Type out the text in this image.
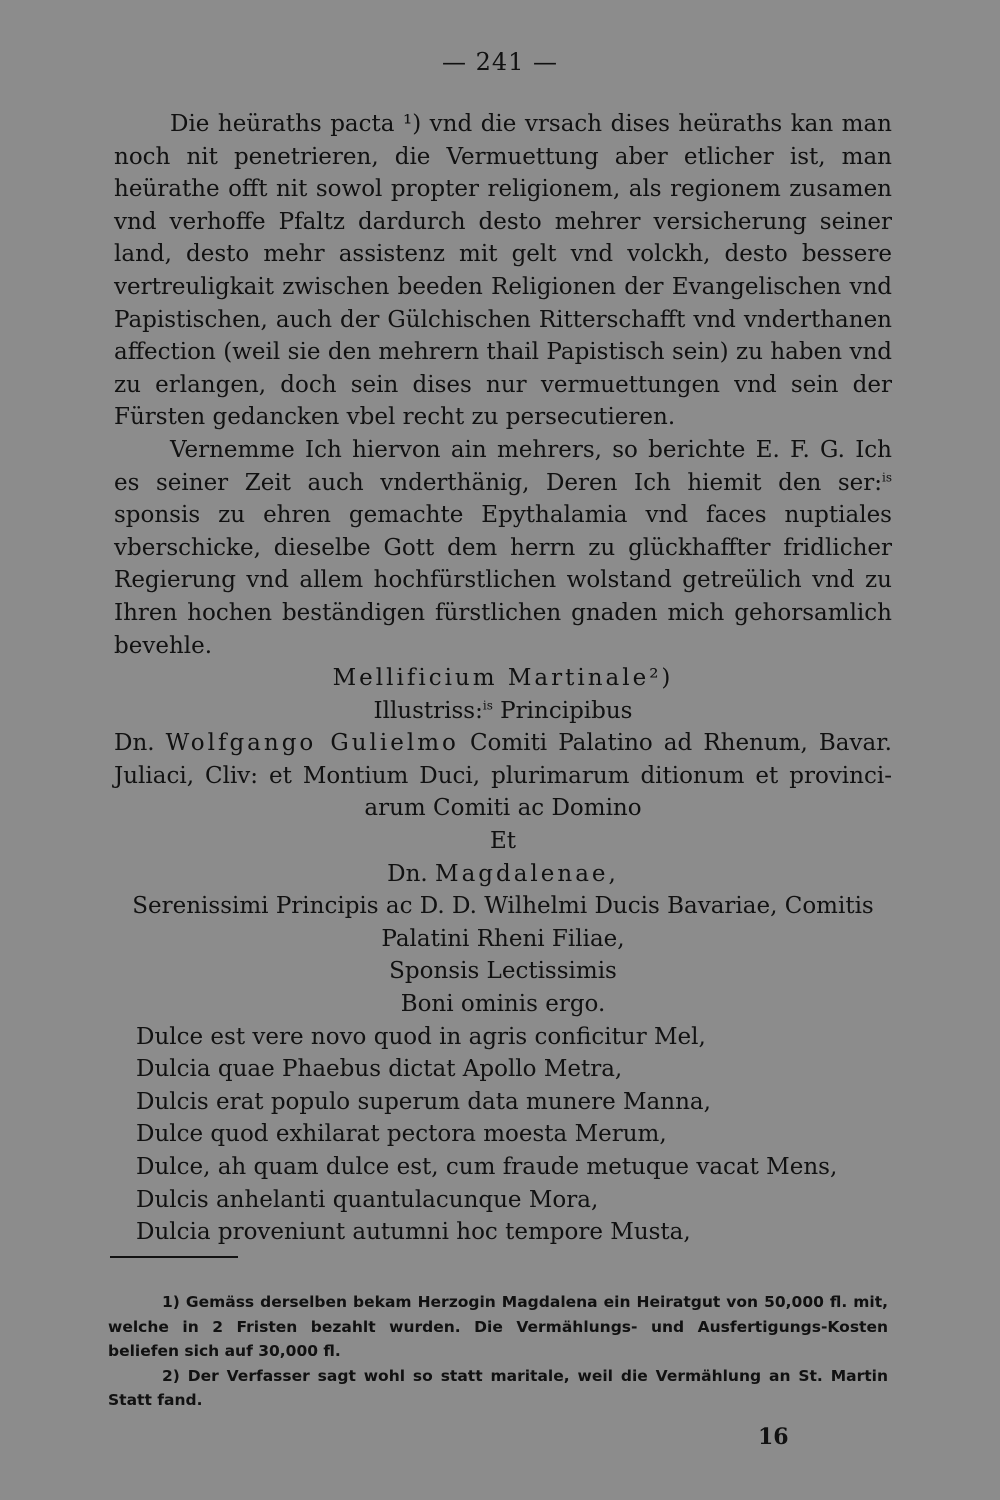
— 241 —
Die heüraths pacta ¹) vnd die vrsach dises heüraths kan man noch nit penetrieren, die Vermuettung aber etlicher ist, man heürathe offt nit sowol propter religionem, als regionem zusamen vnd verhoffe Pfaltz dardurch desto mehrer versicherung seiner land, desto mehr assistenz mit gelt vnd volckh, desto bessere vertreuligkait zwischen beeden Religionen der Evangelischen vnd Papistischen, auch der Gülchischen Ritterschafft vnd vnderthanen affection (weil sie den mehrern thail Papistisch sein) zu haben vnd zu erlangen, doch sein dises nur vermuettungen vnd sein der Fürsten gedancken vbel recht zu persecutieren.
Vernemme Ich hiervon ain mehrers, so berichte E. F. G. Ich es seiner Zeit auch vnderthänig, Deren Ich hiemit den ser:$^{is}$ sponsis zu ehren gemachte Epythalamia vnd faces nuptiales vberschicke, dieselbe Gott dem herrn zu glückhaffter fridlicher Regierung vnd allem hochfürstlichen wolstand getreülich vnd zu Ihren hochen beständigen fürstlichen gnaden mich gehorsamlich bevehle.
Mellificium Martinale²)
Illustriss:$^{is}$ Principibus
Dn. Wolfgango Gulielmo Comiti Palatino ad Rhenum, Bavar.
Juliaci, Cliv: et Montium Duci, plurimarum ditionum et provinci-
arum Comiti ac Domino
Et
Dn. Magdalenae,
Serenissimi Principis ac D. D. Wilhelmi Ducis Bavariae, Comitis
Palatini Rheni Filiae,
Sponsis Lectissimis
Boni ominis ergo.
Dulce est vere novo quod in agris conficitur Mel,
Dulcia quae Phaebus dictat Apollo Metra,
Dulcis erat populo superum data munere Manna,
Dulce quod exhilarat pectora moesta Merum,
Dulce, ah quam dulce est, cum fraude metuque vacat Mens,
Dulcis anhelanti quantulacunque Mora,
Dulcia proveniunt autumni hoc tempore Musta,
1) Gemäss derselben bekam Herzogin Magdalena ein Heiratgut von 50,000 fl. mit, welche in 2 Fristen bezahlt wurden. Die Vermählungs- und Ausfertigungs-Kosten beliefen sich auf 30,000 fl.
2) Der Verfasser sagt wohl so statt maritale, weil die Vermählung an St. Martin Statt fand.
16
